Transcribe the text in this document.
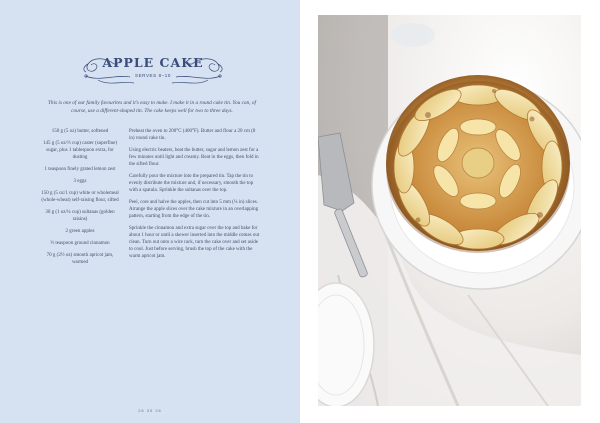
APPLE CAKE
SERVES 8–10
This is one of our family favourites and it's easy to make. I make it in a round cake tin. You can, of course, use a different-shaped tin. The cake keeps well for two to three days.
150 g (5 oz) butter, softened
145 g (5 oz/⅔ cup) caster (superfine) sugar, plus 1 tablespoon extra, for dusting
1 teaspoon finely grated lemon zest
3 eggs
150 g (5 oz/1 cup) white or wholemeal (whole-wheat) self-raising flour, sifted
30 g (1 oz/¼ cup) sultanas (golden raisins)
2 green apples
½ teaspoon ground cinnamon
70 g (2½ oz) smooth apricot jam, warmed

Preheat the oven to 200°C (400°F). Butter and flour a 20 cm (8 in) round cake tin.

Using electric beaters, beat the butter, sugar and lemon zest for a few minutes until light and creamy. Beat in the eggs, then fold in the sifted flour.

Carefully pour the mixture into the prepared tin. Tap the tin to evenly distribute the mixture and, if necessary, smooth the top with a spatula. Sprinkle the sultanas over the top.

Peel, core and halve the apples, then cut into 5 mm (¼ in) slices. Arrange the apple slices over the cake mixture in an overlapping pattern, starting from the edge of the tin.

Sprinkle the cinnamon and extra sugar over the top and bake for about 1 hour or until a skewer inserted into the middle comes out clean. Turn out onto a wire rack, turn the cake over and set aside to cool. Just before serving, brush the top of the cake with the warm apricot jam.

26 30 26
